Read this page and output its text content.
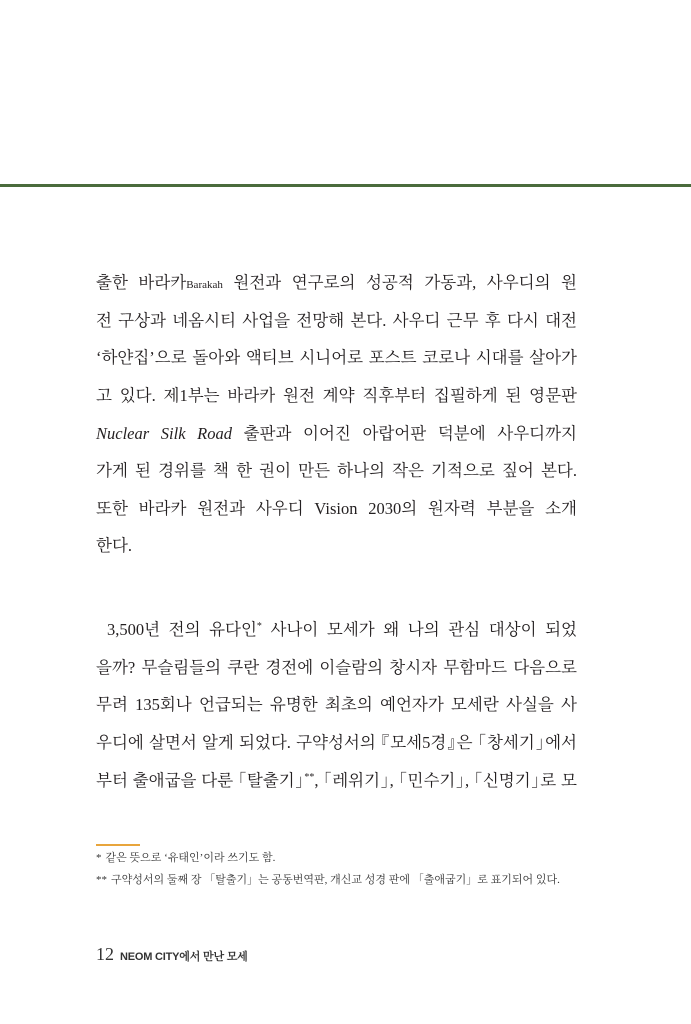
출한 바라카Barakah 원전과 연구로의 성공적 가동과, 사우디의 원
전 구상과 네옴시티 사업을 전망해 본다. 사우디 근무 후 다시 대전
‘하얀집’으로 돌아와 액티브 시니어로 포스트 코로나 시대를 살아가
고 있다. 제1부는 바라카 원전 계약 직후부터 집필하게 된 영문판
Nuclear Silk Road 출판과 이어진 아랍어판 덕분에 사우디까지
가게 된 경위를 책 한 권이 만든 하나의 작은 기적으로 짚어 본다.
또한 바라카 원전과 사우디 Vision 2030의 원자력 부분을 소개
한다.
3,500년 전의 유다인* 사나이 모세가 왜 나의 관심 대상이 되었
을까? 무슬림들의 쿠란 경전에 이슬람의 창시자 무함마드 다음으로
무려 135회나 언급되는 유명한 최초의 예언자가 모세란 사실을 사
우디에 살면서 알게 되었다. 구약성서의 『모세5경』은 「창세기」에서
부터 출애굽을 다룬 「탈출기」**, 「레위기」, 「민수기」, 「신명기」로 모
* 같은 뜻으로 ‘유태인’이라 쓰기도 함.
** 구약성서의 둘째 장 「탈출기」는 공동번역판, 개신교 성경 판에 「출애굽기」로 표기되어 있다.
12 NEOM CITY에서 만난 모세
